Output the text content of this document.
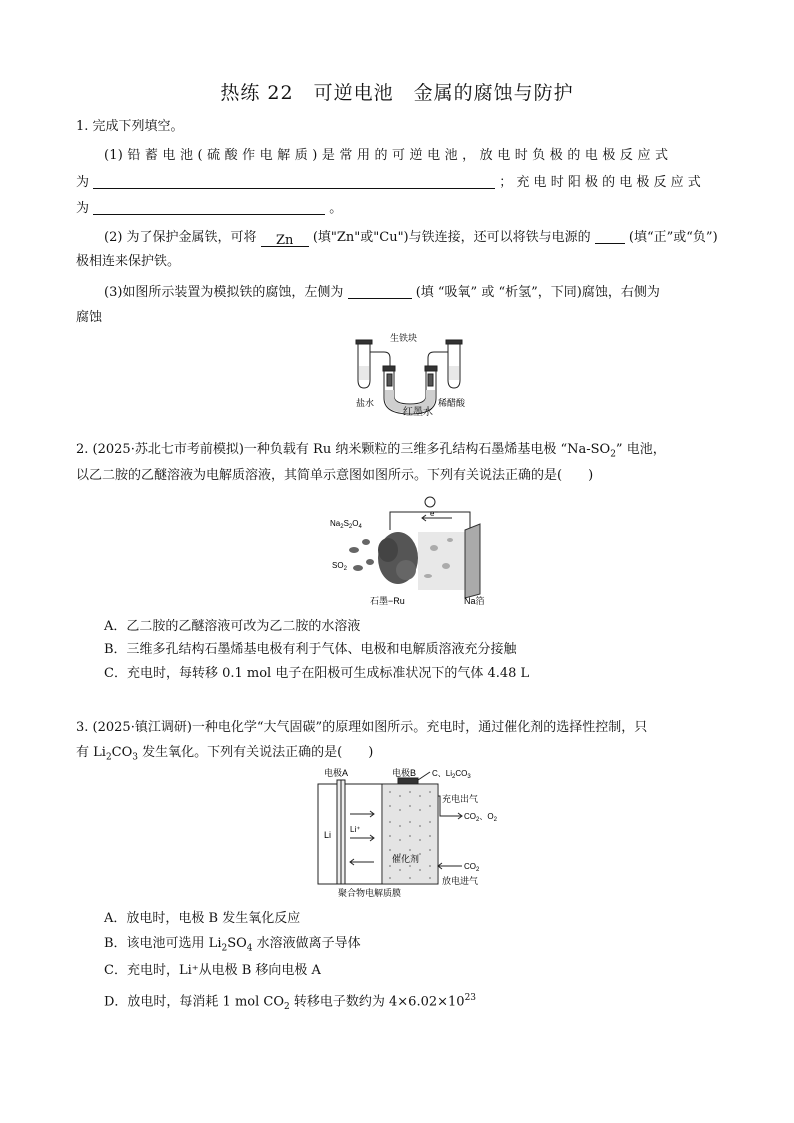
热练 22　可逆电池　金属的腐蚀与防护
1. 完成下列填空。
(1) 铅 蓄 电 池 ( 硫 酸 作 电 解 质 ) 是 常 用 的 可 逆 电 池 ， 放 电 时 负 极 的 电 极 反 应 式
为	； 充 电 时 阳 极 的 电 极 反 应 式
为	。
(2) 为了保护金属铁，可将 Zn (填"Zn"或"Cu")与铁连接，还可以将铁与电源的	(填“正”或“负”)
极相连来保护铁。
(3)如图所示装置为模拟铁的腐蚀，左侧为	(填 “吸氧” 或 “析氢”，下同)腐蚀，右侧为
腐蚀
生铁块
盐水	稀醋酸
红墨水
2. (2025·苏北七市考前模拟)一种负载有 Ru 纳米颗粒的三维多孔结构石墨烯基电极 “$Na-SO_2$” 电池，
以乙二胺的乙醚溶液为电解质溶液，其简单示意图如图所示。下列有关说法正确的是(　　)
$Na_2S_2O_4$
$SO_2$
e⁻
石墨−Ru	Na箔
A．乙二胺的乙醚溶液可改为乙二胺的水溶液
B．三维多孔结构石墨烯基电极有利于气体、电极和电解质溶液充分接触
C．充电时，每转移 0.1 mol 电子在阳极可生成标准状况下的气体 4.48 L
3. (2025·镇江调研)一种电化学“大气固碳”的原理如图所示。充电时，通过催化剂的选择性控制，只
有 $Li_2CO_3$ 发生氧化。下列有关说法正确的是(　　)
电极A	电极B C、$Li_2CO_3$
充电出气
$CO_2$、$O_2$
Li
Li⁺
催化剂
$CO_2$
放电进气
聚合物电解质膜
A．放电时，电极 B 发生氧化反应
B．该电池可选用 $Li_2SO_4$ 水溶液做离子导体
C．充电时，Li⁺从电极 B 移向电极 A
D．放电时，每消耗 1 mol $CO_2$ 转移电子数约为 $4\times 6.02\times 10^{23}$
